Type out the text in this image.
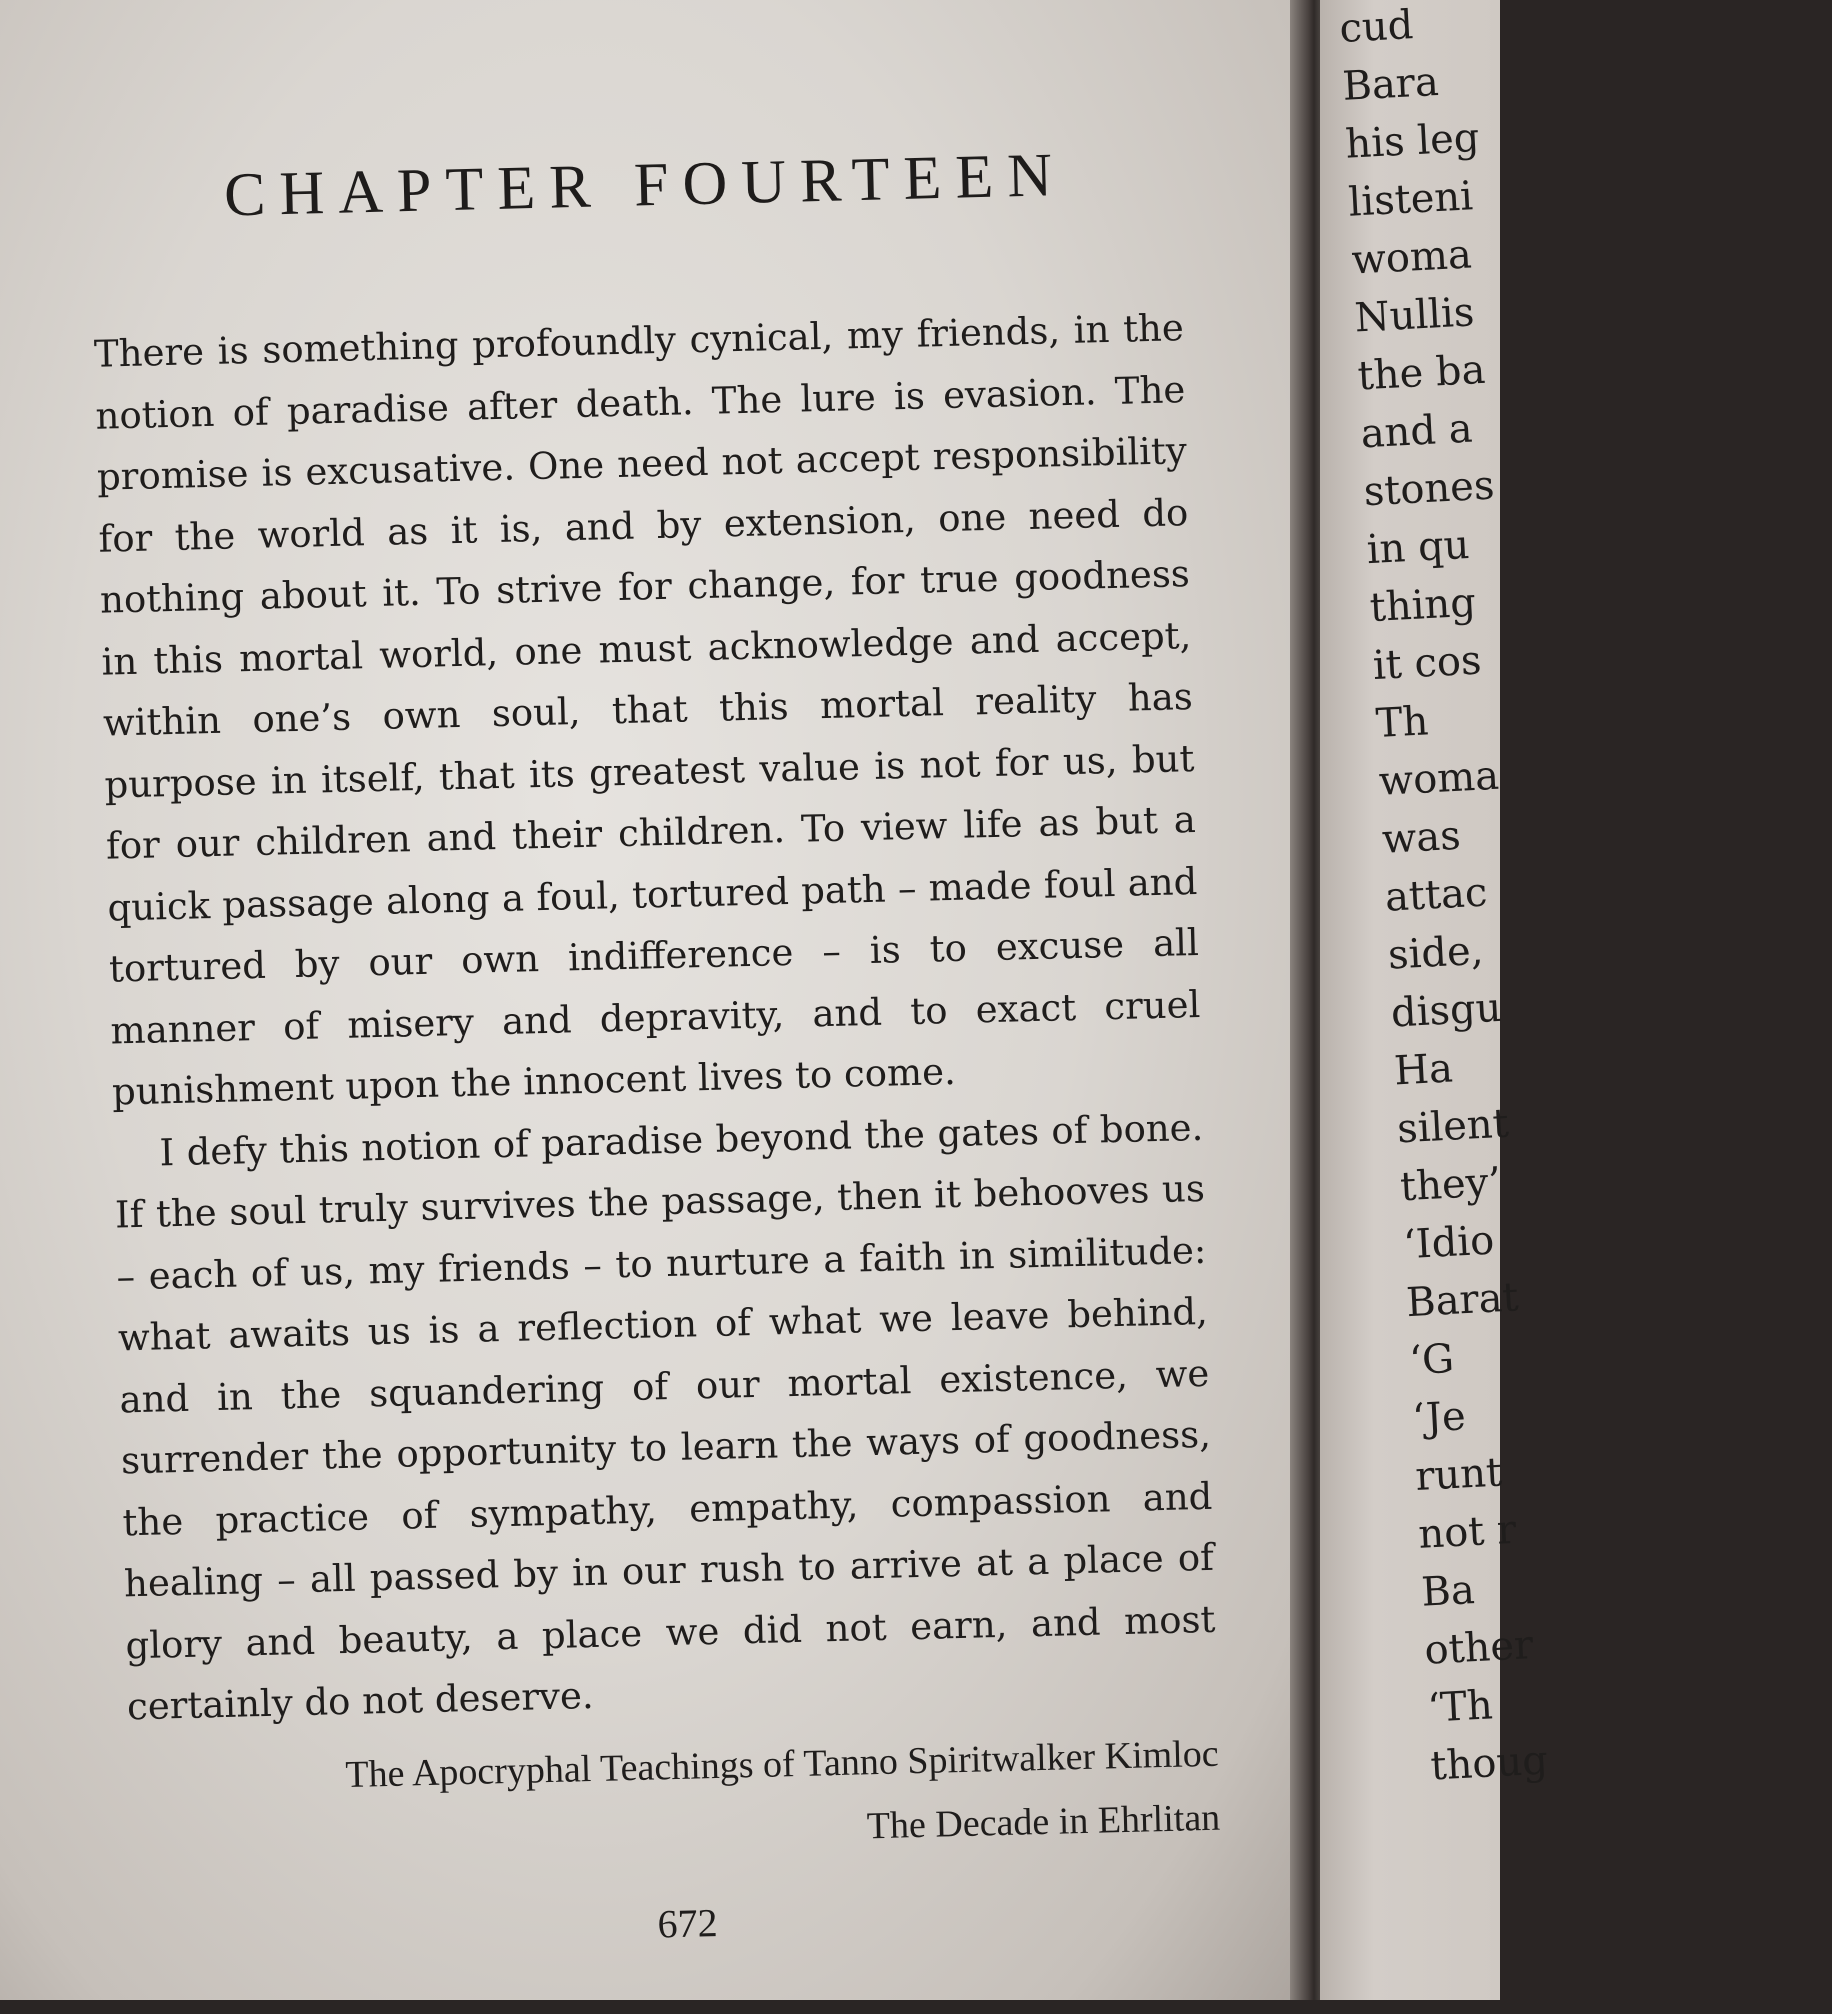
CHAPTER FOURTEEN

There is something profoundly cynical, my friends, in the notion of paradise after death. The lure is evasion. The promise is excusative. One need not accept responsibility for the world as it is, and by extension, one need do nothing about it. To strive for change, for true goodness in this mortal world, one must acknowledge and accept, within one’s own soul, that this mortal reality has purpose in itself, that its greatest value is not for us, but for our children and their children. To view life as but a quick passage along a foul, tortured path – made foul and tortured by our own indifference – is to excuse all manner of misery and depravity, and to exact cruel punishment upon the innocent lives to come.

I defy this notion of paradise beyond the gates of bone. If the soul truly survives the passage, then it behooves us – each of us, my friends – to nurture a faith in similitude: what awaits us is a reflection of what we leave behind, and in the squandering of our mortal existence, we surrender the opportunity to learn the ways of goodness, the practice of sympathy, empathy, compassion and healing – all passed by in our rush to arrive at a place of glory and beauty, a place we did not earn, and most certainly do not deserve.

The Apocryphal Teachings of Tanno Spiritwalker Kimloc
The Decade in Ehrlitan
672
cud
Bara
his leg
listeni
woma
Nullis
the ba
and a
stones
in qu
thing
it cos
Th
woma
was
attac
side,
disgu
Ha
silent
they’
‘Idio
Barat
‘G
‘Je
runt
not r
Ba
other
‘Th
thoug
